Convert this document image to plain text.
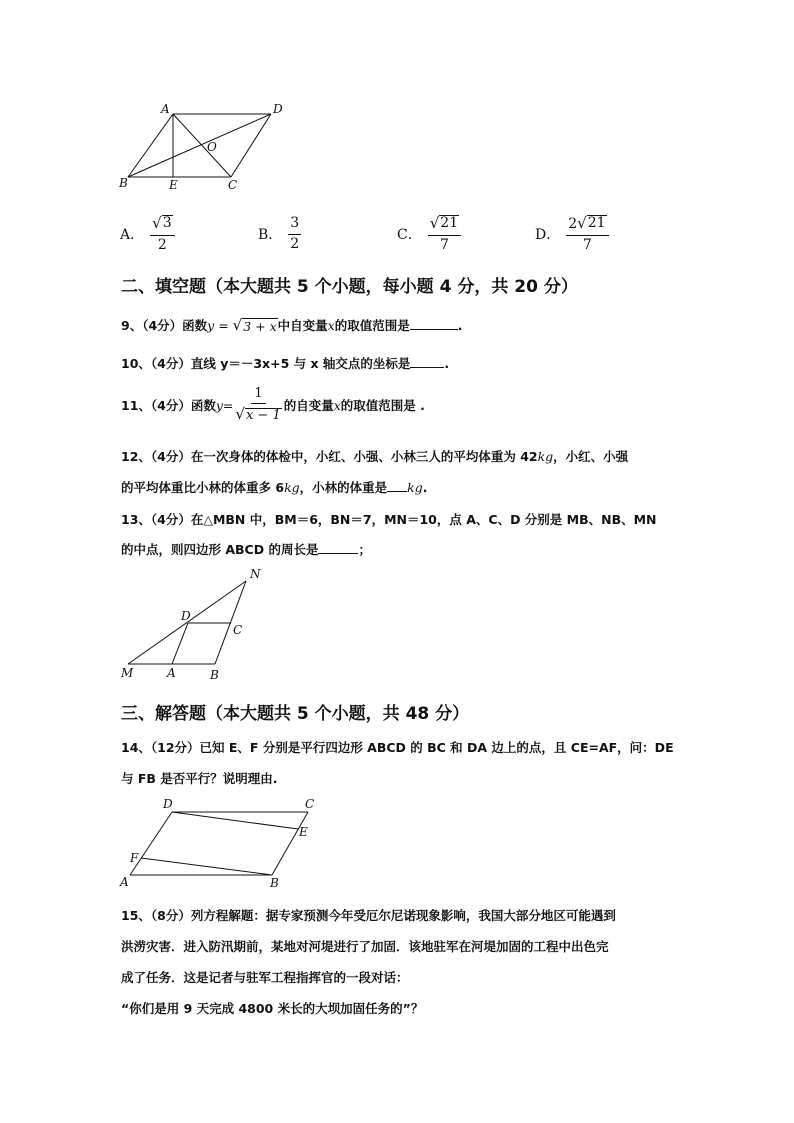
A	D
O
B	E	C
A． $\frac{√ 3}{2}$	B． $\frac{3}{2}$	C． $\frac{√ 21}{7}$	D． $\frac{2 √ 21}{7}$
二、填空题（本大题共 5 个小题，每小题 4 分，共 20 分）
9、（4分）函数y = √ 3 + x 中自变量x的取值范围是	.
10、（4分）直线 y＝－3x+5 与 x 轴交点的坐标是	.
11、（4分）函数 $y = \frac{1}{√ x - 1}$ 的自变量 x 的取值范围是 .
12、（4分）在一次身体的体检中，小红、小强、小林三人的平均体重为 42kg，小红、小强
的平均体重比小林的体重多 6kg，小林的体重是 kg.
13、（4分）在△MBN 中，BM＝6，BN＝7，MN＝10，点 A、C、D 分别是 MB、NB、MN
的中点，则四边形 ABCD 的周长是	；
N
D
C
M	A	B
三、解答题（本大题共 5 个小题，共 48 分）
14、（12分）已知 E、F 分别是平行四边形 ABCD 的 BC 和 DA 边上的点，且 CE=AF，问：DE
与 FB 是否平行？说明理由.
D	C
E
F
A	B
15、（8分）列方程解题：据专家预测今年受厄尔尼诺现象影响，我国大部分地区可能遇到
洪涝灾害．进入防汛期前，某地对河堤进行了加固．该地驻军在河堤加固的工程中出色完
成了任务．这是记者与驻军工程指挥官的一段对话：
“你们是用 9 天完成 4800 米长的大坝加固任务的”？
